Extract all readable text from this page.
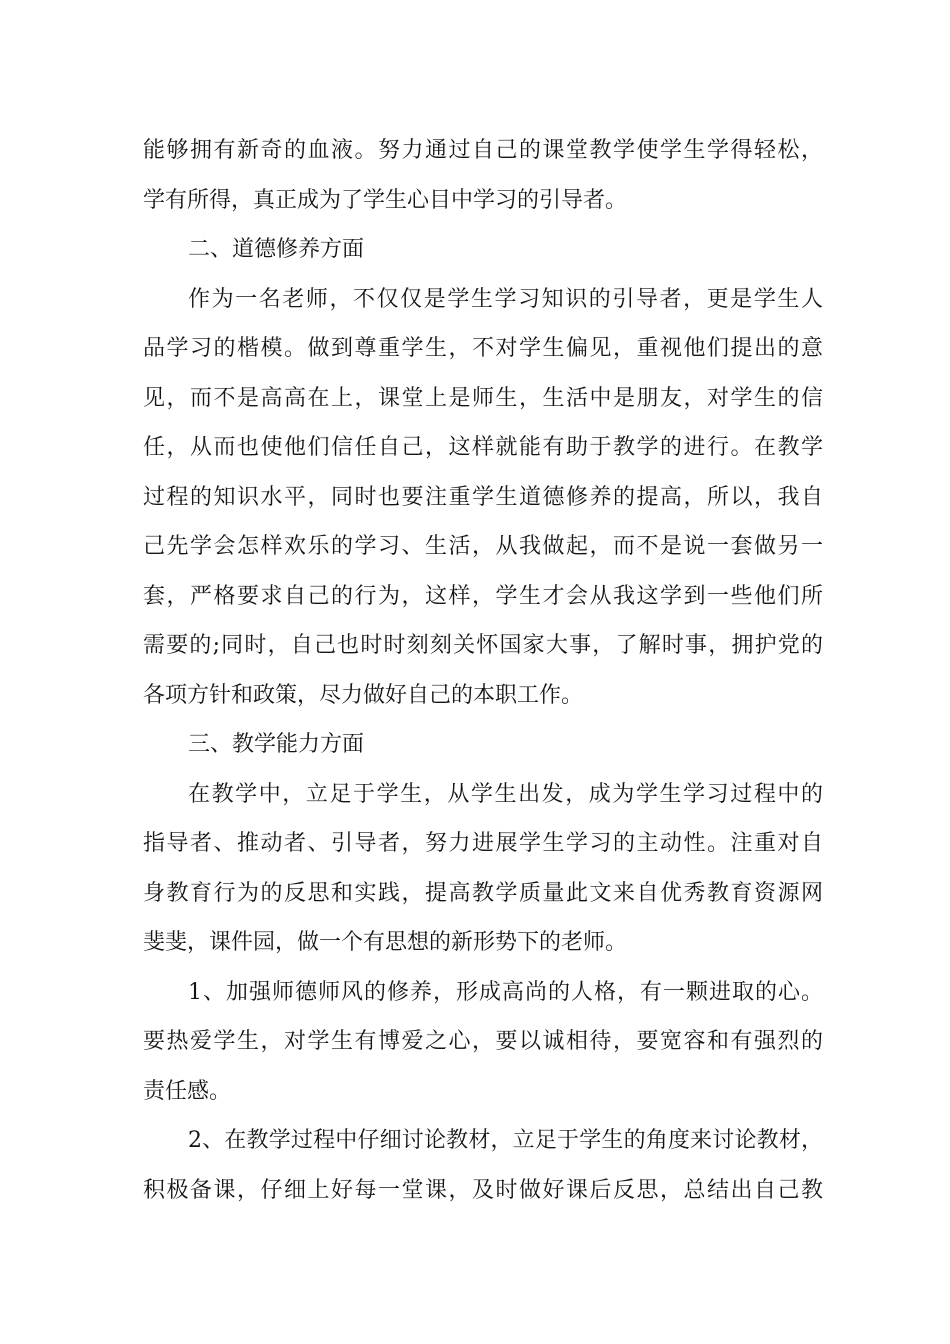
能够拥有新奇的血液。努力通过自己的课堂教学使学生学得轻松，
学有所得，真正成为了学生心目中学习的引导者。
二、道德修养方面
作为一名老师，不仅仅是学生学习知识的引导者，更是学生人
品学习的楷模。做到尊重学生，不对学生偏见，重视他们提出的意
见，而不是高高在上，课堂上是师生，生活中是朋友，对学生的信
任，从而也使他们信任自己，这样就能有助于教学的进行。在教学
过程的知识水平，同时也要注重学生道德修养的提高，所以，我自
己先学会怎样欢乐的学习、生活，从我做起，而不是说一套做另一
套，严格要求自己的行为，这样，学生才会从我这学到一些他们所
需要的;同时，自己也时时刻刻关怀国家大事，了解时事，拥护党的
各项方针和政策，尽力做好自己的本职工作。
三、教学能力方面
在教学中，立足于学生，从学生出发，成为学生学习过程中的
指导者、推动者、引导者，努力进展学生学习的主动性。注重对自
身教育行为的反思和实践，提高教学质量此文来自优秀教育资源网
斐斐，课件园，做一个有思想的新形势下的老师。
1、加强师德师风的修养，形成高尚的人格，有一颗进取的心。
要热爱学生，对学生有博爱之心，要以诚相待，要宽容和有强烈的
责任感。
2、在教学过程中仔细讨论教材，立足于学生的角度来讨论教材，
积极备课，仔细上好每一堂课，及时做好课后反思，总结出自己教
